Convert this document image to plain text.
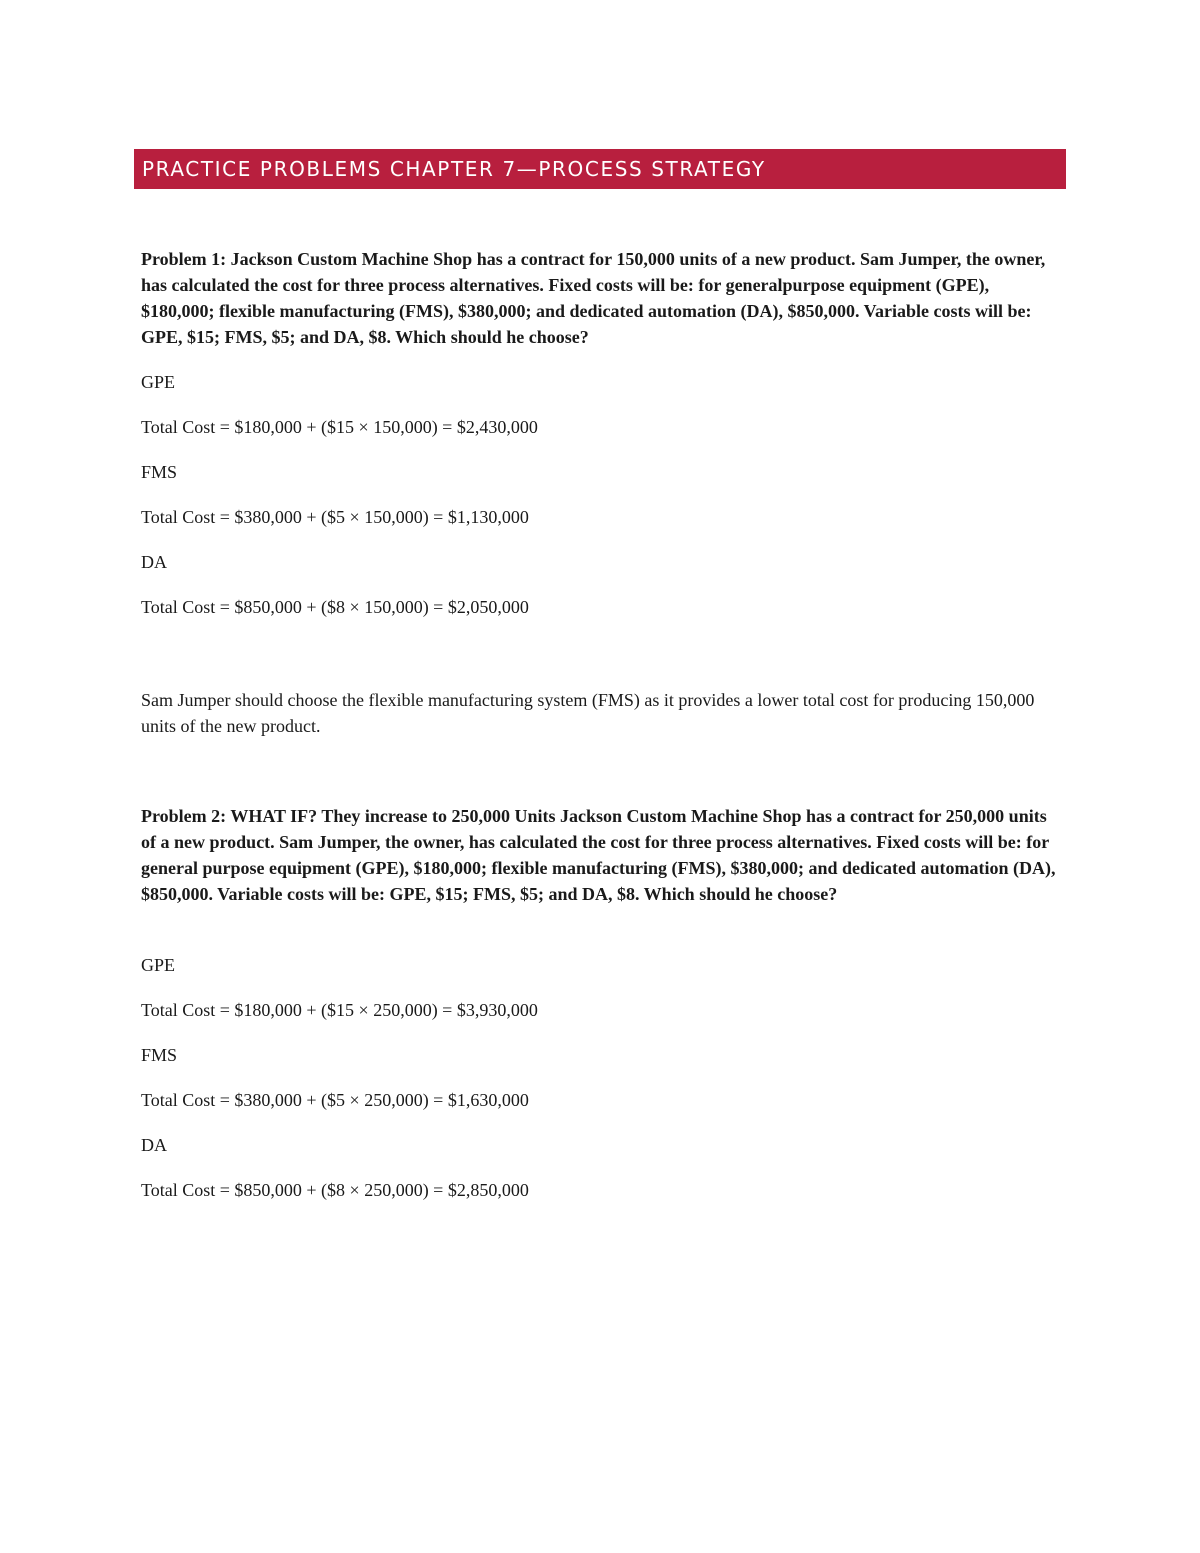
PRACTICE PROBLEMS CHAPTER 7—PROCESS STRATEGY

Problem 1: Jackson Custom Machine Shop has a contract for 150,000 units of a new product. Sam Jumper, the owner, has calculated the cost for three process alternatives. Fixed costs will be: for generalpurpose equipment (GPE), $180,000; flexible manufacturing (FMS), $380,000; and dedicated automation (DA), $850,000. Variable costs will be: GPE, $15; FMS, $5; and DA, $8. Which should he choose?

GPE

Total Cost = $180,000 + ($15 × 150,000) = $2,430,000

FMS

Total Cost = $380,000 + ($5 × 150,000) = $1,130,000

DA

Total Cost = $850,000 + ($8 × 150,000) = $2,050,000

Sam Jumper should choose the flexible manufacturing system (FMS) as it provides a lower total cost for producing 150,000 units of the new product.

Problem 2: WHAT IF? They increase to 250,000 Units Jackson Custom Machine Shop has a contract for 250,000 units of a new product. Sam Jumper, the owner, has calculated the cost for three process alternatives. Fixed costs will be: for general purpose equipment (GPE), $180,000; flexible manufacturing (FMS), $380,000; and dedicated automation (DA), $850,000. Variable costs will be: GPE, $15; FMS, $5; and DA, $8. Which should he choose?

GPE

Total Cost = $180,000 + ($15 × 250,000) = $3,930,000

FMS

Total Cost = $380,000 + ($5 × 250,000) = $1,630,000

DA

Total Cost = $850,000 + ($8 × 250,000) = $2,850,000
